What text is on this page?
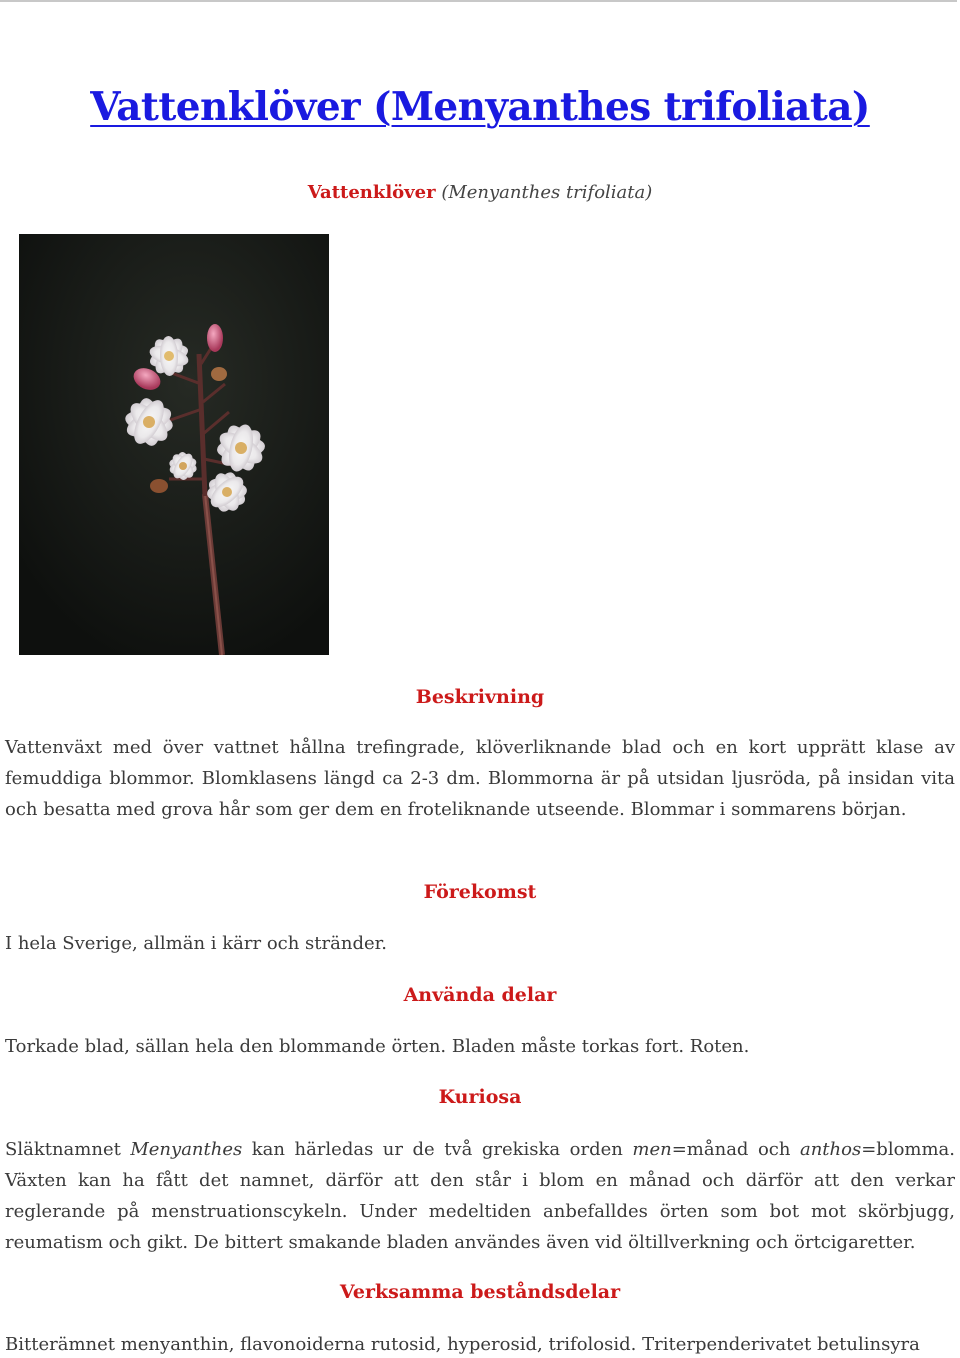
Vattenklöver (Menyanthes trifoliata)
Vattenklöver (Menyanthes trifoliata)
Beskrivning

Vattenväxt med över vattnet hållna trefingrade, klöverliknande blad och en kort upprätt klase av femuddiga blommor. Blomklasens längd ca 2-3 dm. Blommorna är på utsidan ljusröda, på insidan vita och besatta med grova hår som ger dem en froteliknande utseende. Blommar i sommarens början.

Förekomst

I hela Sverige, allmän i kärr och stränder.

Använda delar

Torkade blad, sällan hela den blommande örten. Bladen måste torkas fort. Roten.

Kuriosa

Släktnamnet Menyanthes kan härledas ur de två grekiska orden men=månad och anthos=blomma. Växten kan ha fått det namnet, därför att den står i blom en månad och därför att den verkar reglerande på menstruationscykeln. Under medeltiden anbefalldes örten som bot mot skörbjugg, reumatism och gikt. De bittert smakande bladen användes även vid öltillverkning och örtcigaretter.

Verksamma beståndsdelar

Bitterämnet menyanthin, flavonoiderna rutosid, hyperosid, trifolosid. Triterpenderivatet betulinsyra
